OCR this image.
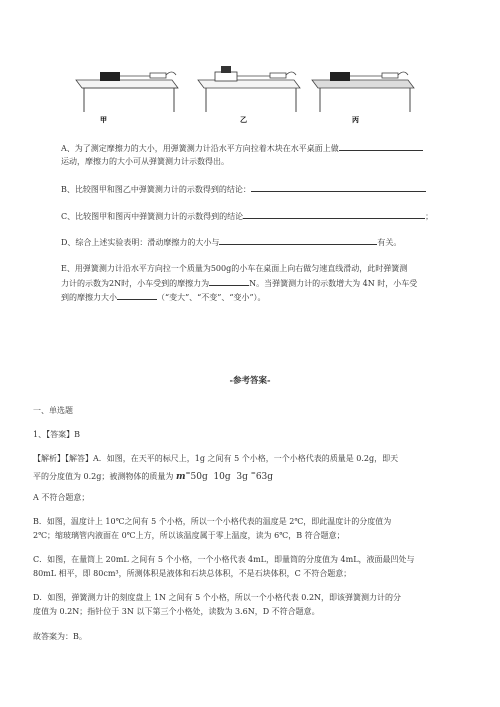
甲	乙	丙
A、为了测定摩擦力的大小，用弹簧测力计沿水平方向拉着木块在水平桌面上做
运动，摩擦力的大小可从弹簧测力计示数得出。
B、比较图甲和图乙中弹簧测力计的示数得到的结论：
C、比较图甲和图丙中弹簧测力计的示数得到的结论	；
D、综合上述实验表明：滑动摩擦力的大小与	有关。
E、用弹簧测力计沿水平方向拉一个质量为500g的小车在桌面上向右做匀速直线滑动，此时弹簧测
力计的示数为2N时，小车受到的摩擦力为	N。当弹簧测力计的示数增大为 4N 时，小车受
到的摩擦力大小	（“变大”、“不变”、“变小”）。
-参考答案-
一、单选题
1、【答案】B
【解析】【解答】A．如图，在天平的标尺上，1g 之间有 5 个小格，一个小格代表的质量是 0.2g，即天
平的分度值为 0.2g；被测物体的质量为 m=50g 10g 3g =63g
A 不符合题意；
B．如图，温度计上 10℃之间有 5 个小格，所以一个小格代表的温度是 2℃，即此温度计的分度值为
2℃；缩玻璃管内液面在 0℃上方，所以该温度属于零上温度，读为 6℃，B 符合题意；
C．如图，在量筒上 20mL 之间有 5 个小格，一个小格代表 4mL，即量筒的分度值为 4mL，液面最凹处与
80mL 相平，即 80cm³，所测体积是液体和石块总体积，不是石块体积，C 不符合题意；
D．如图，弹簧测力计的刻度盘上 1N 之间有 5 个小格，所以一个小格代表 0.2N，即该弹簧测力计的分
度值为 0.2N；指针位于 3N 以下第三个小格处，读数为 3.6N，D 不符合题意。
故答案为：B。
